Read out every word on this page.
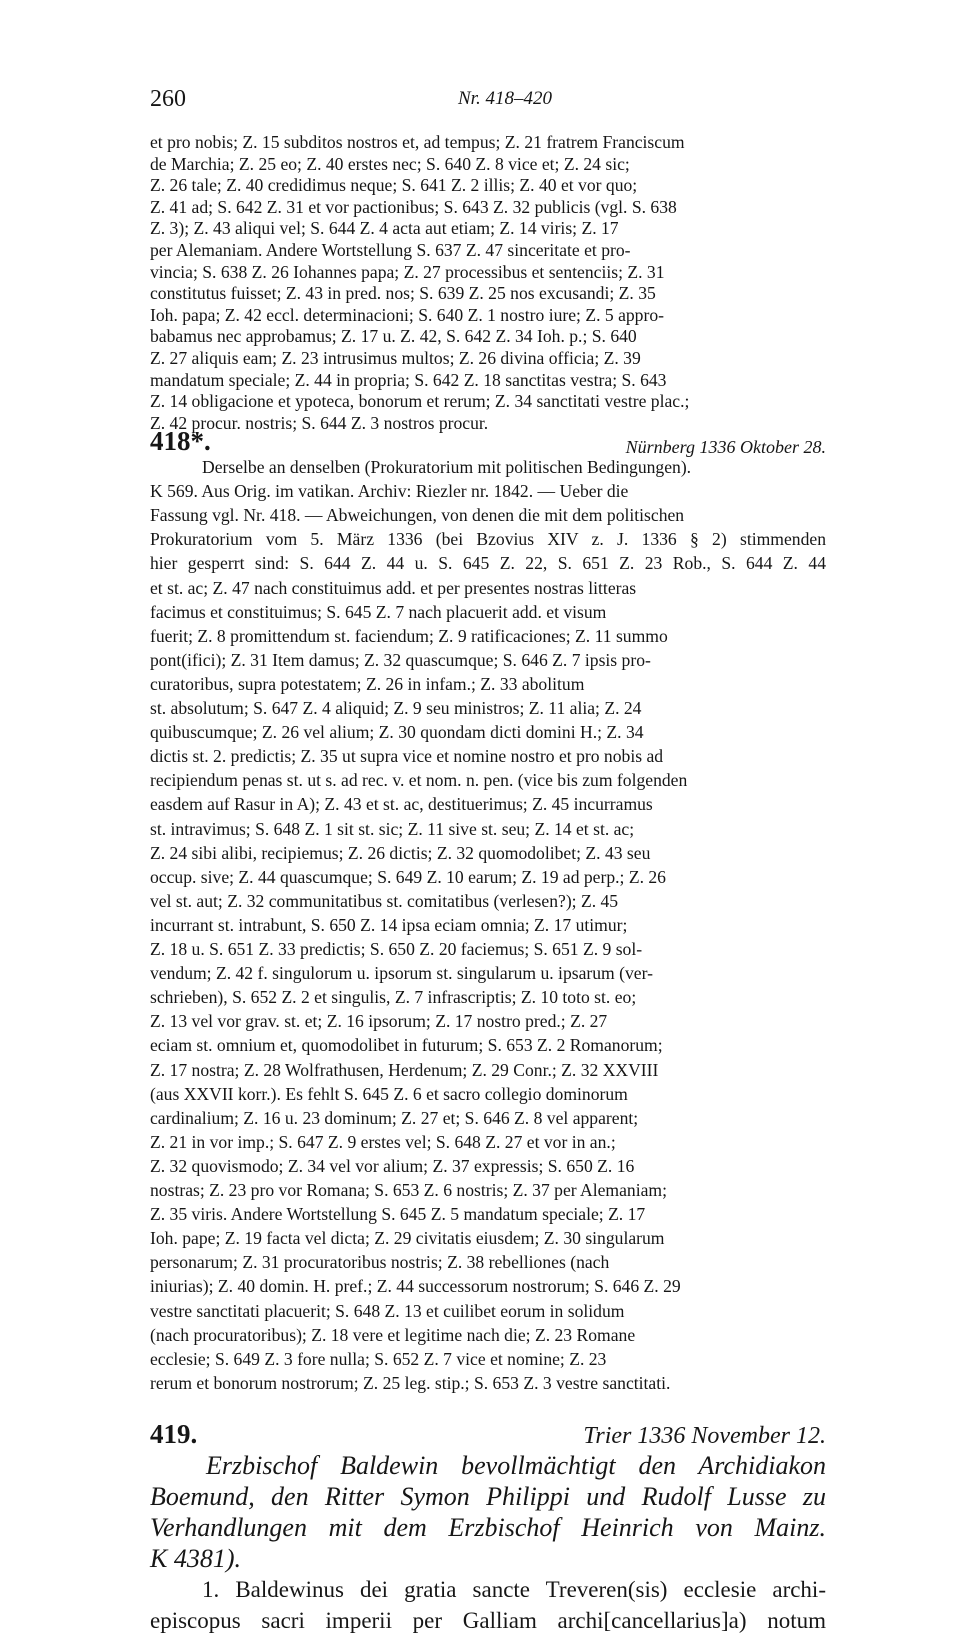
260	Nr. 418–420
et pro nobis; Z. 15 subditos nostros et, ad tempus; Z. 21 fratrem Franciscum
de Marchia; Z. 25 eo; Z. 40 erstes nec; S. 640 Z. 8 vice et; Z. 24 sic;
Z. 26 tale; Z. 40 credidimus neque; S. 641 Z. 2 illis; Z. 40 et vor quo;
Z. 41 ad; S. 642 Z. 31 et vor pactionibus; S. 643 Z. 32 publicis (vgl. S. 638
Z. 3); Z. 43 aliqui vel; S. 644 Z. 4 acta aut etiam; Z. 14 viris; Z. 17
per Alemaniam. Andere Wortstellung S. 637 Z. 47 sinceritate et pro-
vincia; S. 638 Z. 26 Iohannes papa; Z. 27 processibus et sentenciis; Z. 31
constitutus fuisset; Z. 43 in pred. nos; S. 639 Z. 25 nos excusandi; Z. 35
Ioh. papa; Z. 42 eccl. determinacioni; S. 640 Z. 1 nostro iure; Z. 5 appro-
babamus nec approbamus; Z. 17 u. Z. 42, S. 642 Z. 34 Ioh. p.; S. 640
Z. 27 aliquis eam; Z. 23 intrusimus multos; Z. 26 divina officia; Z. 39
mandatum speciale; Z. 44 in propria; S. 642 Z. 18 sanctitas vestra; S. 643
Z. 14 obligacione et ypoteca, bonorum et rerum; Z. 34 sanctitati vestre plac.;
Z. 42 procur. nostris; S. 644 Z. 3 nostros procur.
418*.	Nürnberg 1336 Oktober 28.
Derselbe an denselben (Prokuratorium mit politischen Bedingungen).
K 569. Aus Orig. im vatikan. Archiv: Riezler nr. 1842. — Ueber die
Fassung vgl. Nr. 418. — Abweichungen, von denen die mit dem politischen
Prokuratorium vom 5. März 1336 (bei Bzovius XIV z. J. 1336 § 2) stimmenden
hier gesperrt sind: S. 644 Z. 44 u. S. 645 Z. 22, S. 651 Z. 23 Rob., S. 644 Z. 44
et st. ac; Z. 47 nach constituimus add. et per presentes nostras litteras
facimus et constituimus; S. 645 Z. 7 nach placuerit add. et visum
fuerit; Z. 8 promittendum st. faciendum; Z. 9 ratificaciones; Z. 11 summo
pont(ifici); Z. 31 Item damus; Z. 32 quascumque; S. 646 Z. 7 ipsis pro-
curatoribus, supra potestatem; Z. 26 in infam.; Z. 33 abolitum
st. absolutum; S. 647 Z. 4 aliquid; Z. 9 seu ministros; Z. 11 alia; Z. 24
quibuscumque; Z. 26 vel alium; Z. 30 quondam dicti domini H.; Z. 34
dictis st. 2. predictis; Z. 35 ut supra vice et nomine nostro et pro nobis ad
recipiendum penas st. ut s. ad rec. v. et nom. n. pen. (vice bis zum folgenden
easdem auf Rasur in A); Z. 43 et st. ac, destituerimus; Z. 45 incurramus
st. intravimus; S. 648 Z. 1 sit st. sic; Z. 11 sive st. seu; Z. 14 et st. ac;
Z. 24 sibi alibi, recipiemus; Z. 26 dictis; Z. 32 quomodolibet; Z. 43 seu
occup. sive; Z. 44 quascumque; S. 649 Z. 10 earum; Z. 19 ad perp.; Z. 26
vel st. aut; Z. 32 communitatibus st. comitatibus (verlesen?); Z. 45
incurrant st. intrabunt, S. 650 Z. 14 ipsa eciam omnia; Z. 17 utimur;
Z. 18 u. S. 651 Z. 33 predictis; S. 650 Z. 20 faciemus; S. 651 Z. 9 sol-
vendum; Z. 42 f. singulorum u. ipsorum st. singularum u. ipsarum (ver-
schrieben), S. 652 Z. 2 et singulis, Z. 7 infrascriptis; Z. 10 toto st. eo;
Z. 13 vel vor grav. st. et; Z. 16 ipsorum; Z. 17 nostro pred.; Z. 27
eciam st. omnium et, quomodolibet in futurum; S. 653 Z. 2 Romanorum;
Z. 17 nostra; Z. 28 Wolfrathusen, Herdenum; Z. 29 Conr.; Z. 32 XXVIII
(aus XXVII korr.). Es fehlt S. 645 Z. 6 et sacro collegio dominorum
cardinalium; Z. 16 u. 23 dominum; Z. 27 et; S. 646 Z. 8 vel apparent;
Z. 21 in vor imp.; S. 647 Z. 9 erstes vel; S. 648 Z. 27 et vor in an.;
Z. 32 quovismodo; Z. 34 vel vor alium; Z. 37 expressis; S. 650 Z. 16
nostras; Z. 23 pro vor Romana; S. 653 Z. 6 nostris; Z. 37 per Alemaniam;
Z. 35 viris. Andere Wortstellung S. 645 Z. 5 mandatum speciale; Z. 17
Ioh. pape; Z. 19 facta vel dicta; Z. 29 civitatis eiusdem; Z. 30 singularum
personarum; Z. 31 procuratoribus nostris; Z. 38 rebelliones (nach
iniurias); Z. 40 domin. H. pref.; Z. 44 successorum nostrorum; S. 646 Z. 29
vestre sanctitati placuerit; S. 648 Z. 13 et cuilibet eorum in solidum
(nach procuratoribus); Z. 18 vere et legitime nach die; Z. 23 Romane
ecclesie; S. 649 Z. 3 fore nulla; S. 652 Z. 7 vice et nomine; Z. 23
rerum et bonorum nostrorum; Z. 25 leg. stip.; S. 653 Z. 3 vestre sanctitati.
419.	Trier 1336 November 12.
Erzbischof Baldewin bevollmächtigt den Archidiakon
Boemund, den Ritter Symon Philippi und Rudolf Lusse zu
Verhandlungen mit dem Erzbischof Heinrich von Mainz.
K 4381).
1. Baldewinus dei gratia sancte Treveren(sis) ecclesie archi-
episcopus sacri imperii per Galliam archi[cancellarius]a) notum
